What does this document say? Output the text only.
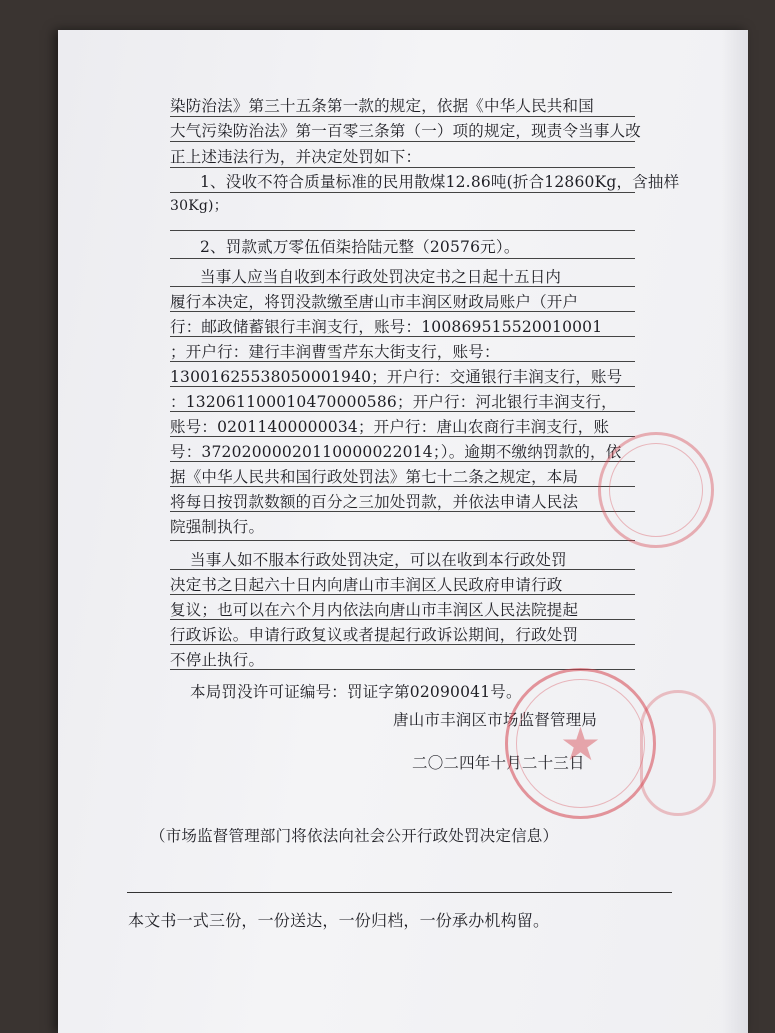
染防治法》第三十五条第一款的规定，依据《中华人民共和国
大气污染防治法》第一百零三条第（一）项的规定，现责令当事人改
正上述违法行为，并决定处罚如下：
1、没收不符合质量标准的民用散煤12.86吨(折合12860Kg，含抽样
30Kg)；
2、罚款贰万零伍佰柒拾陆元整（20576元）。
当事人应当自收到本行政处罚决定书之日起十五日内
履行本决定，将罚没款缴至唐山市丰润区财政局账户（开户
行：邮政储蓄银行丰润支行，账号：100869515520010001
；开户行：建行丰润曹雪芹东大街支行，账号：
13001625538050001940；开户行：交通银行丰润支行，账号
：132061100010470000586；开户行：河北银行丰润支行，
账号：02011400000034；开户行：唐山农商行丰润支行，账
号：37202000020110000022014；）。逾期不缴纳罚款的，依
据《中华人民共和国行政处罚法》第七十二条之规定，本局
将每日按罚款数额的百分之三加处罚款，并依法申请人民法
院强制执行。
当事人如不服本行政处罚决定，可以在收到本行政处罚
决定书之日起六十日内向唐山市丰润区人民政府申请行政
复议；也可以在六个月内依法向唐山市丰润区人民法院提起
行政诉讼。申请行政复议或者提起行政诉讼期间，行政处罚
不停止执行。
本局罚没许可证编号：罚证字第02090041号。
唐山市丰润区市场监督管理局
二〇二四年十月二十三日
★
（市场监督管理部门将依法向社会公开行政处罚决定信息）
本文书一式三份，一份送达，一份归档，一份承办机构留。
